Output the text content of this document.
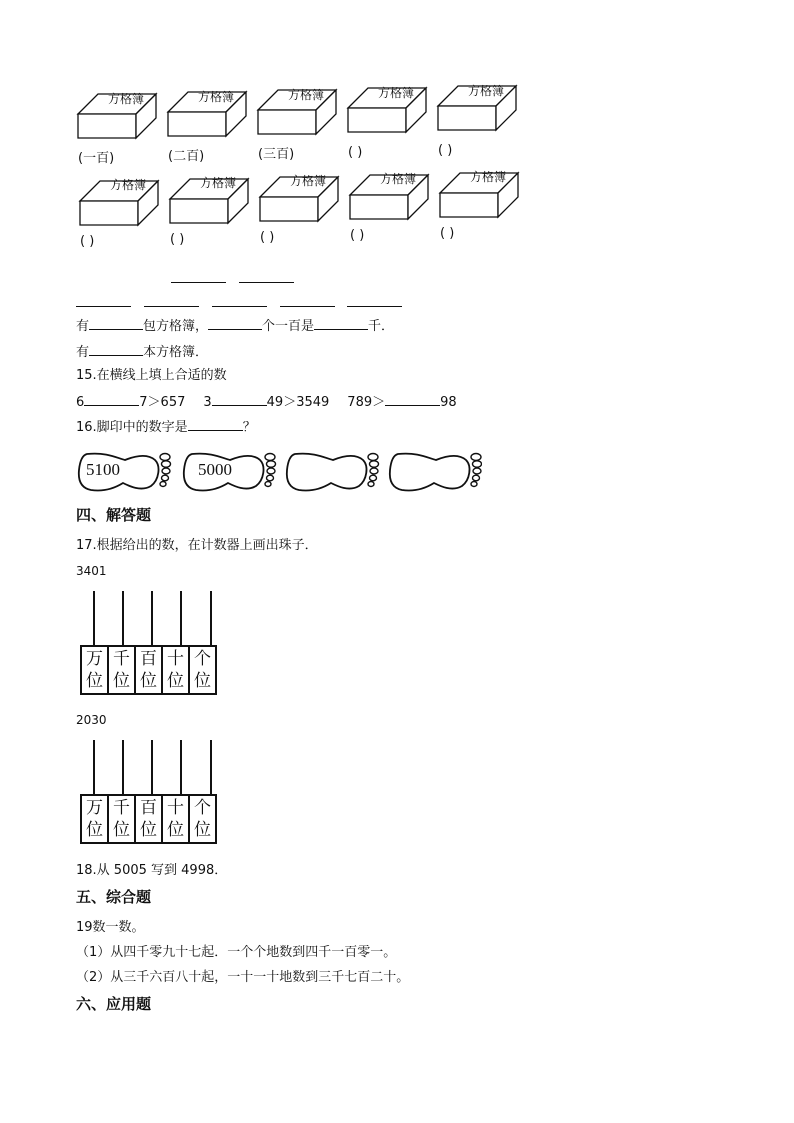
方格簿	方格簿	方格簿	方格簿	方格簿
方格簿	方格簿	方格簿	方格簿	方格簿
(一百)	(二百)	(三百)	( )	( )
( )	( )	( )	( )	( )
有	包方格簿，	个一百是	千．
有	本方格簿．
15.在横线上填上合适的数
6	7＞657 3	49＞3549 789＞	98
16.脚印中的数字是	？
5100	5000
四、解答题
17.根据给出的数，在计数器上画出珠子．
3401
万
位

千
位

百
位

十
位

个
位
2030
万
位

千
位

百
位

十
位

个
位
18.从 5005 写到 4998．
五、综合题
19数一数。
（1）从四千零九十七起．一个个地数到四千一百零一。
（2）从三千六百八十起，一十一十地数到三千七百二十。
六、应用题
